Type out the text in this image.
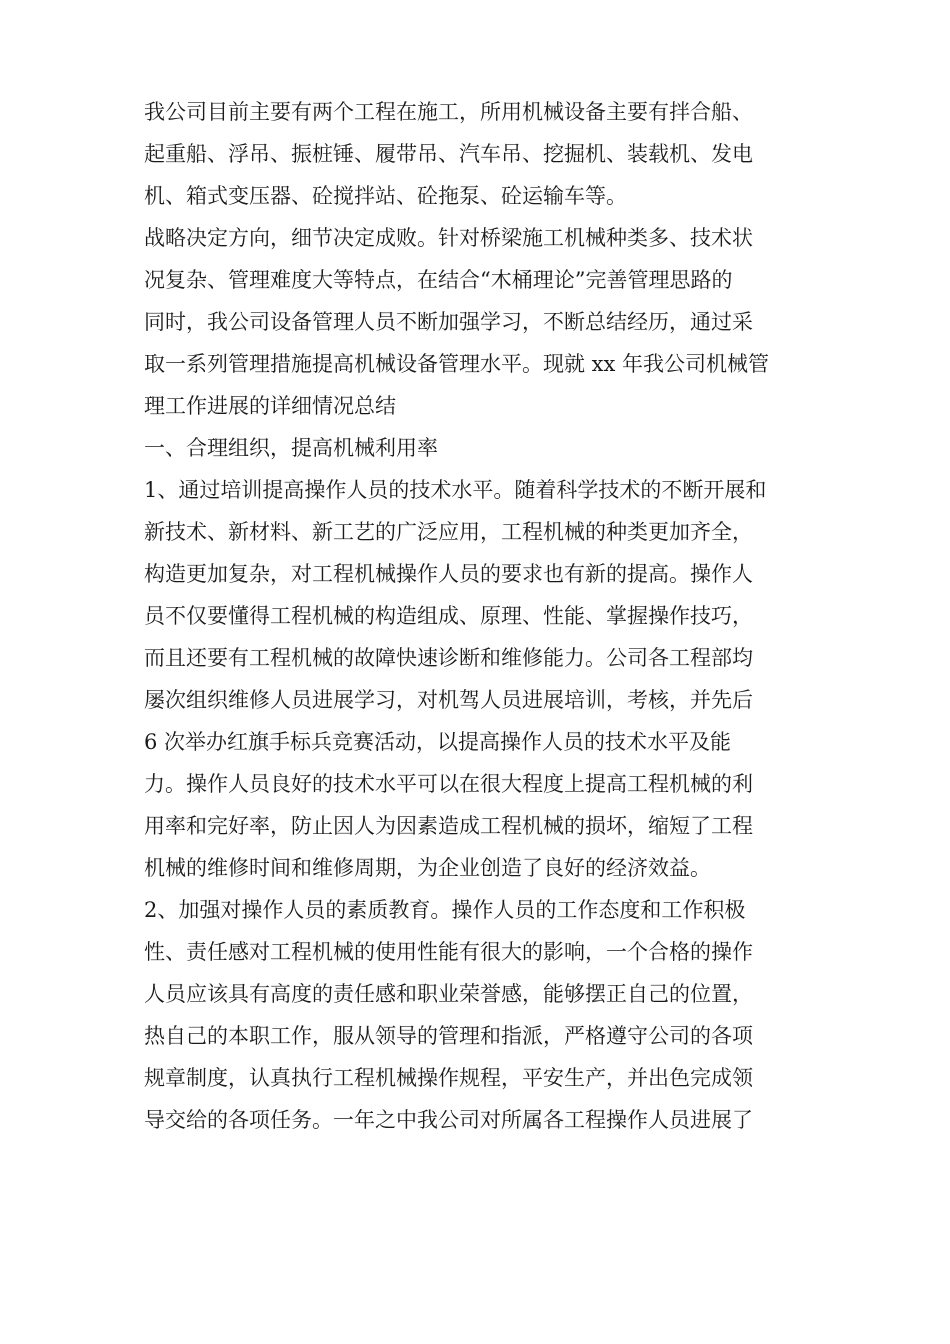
我公司目前主要有两个工程在施工，所用机械设备主要有拌合船、
起重船、浮吊、振桩锤、履带吊、汽车吊、挖掘机、装载机、发电
机、箱式变压器、砼搅拌站、砼拖泵、砼运输车等。
战略决定方向，细节决定成败。针对桥梁施工机械种类多、技术状
况复杂、管理难度大等特点，在结合“木桶理论”完善管理思路的
同时，我公司设备管理人员不断加强学习，不断总结经历，通过采
取一系列管理措施提高机械设备管理水平。现就 xx 年我公司机械管
理工作进展的详细情况总结
一、合理组织，提高机械利用率
1、通过培训提高操作人员的技术水平。随着科学技术的不断开展和
新技术、新材料、新工艺的广泛应用，工程机械的种类更加齐全，
构造更加复杂，对工程机械操作人员的要求也有新的提高。操作人
员不仅要懂得工程机械的构造组成、原理、性能、掌握操作技巧，
而且还要有工程机械的故障快速诊断和维修能力。公司各工程部均
屡次组织维修人员进展学习，对机驾人员进展培训，考核，并先后
6 次举办红旗手标兵竞赛活动，以提高操作人员的技术水平及能
力。操作人员良好的技术水平可以在很大程度上提高工程机械的利
用率和完好率，防止因人为因素造成工程机械的损坏，缩短了工程
机械的维修时间和维修周期，为企业创造了良好的经济效益。
2、加强对操作人员的素质教育。操作人员的工作态度和工作积极
性、责任感对工程机械的使用性能有很大的影响，一个合格的操作
人员应该具有高度的责任感和职业荣誉感，能够摆正自己的位置，
热自己的本职工作，服从领导的管理和指派，严格遵守公司的各项
规章制度，认真执行工程机械操作规程，平安生产，并出色完成领
导交给的各项任务。一年之中我公司对所属各工程操作人员进展了
